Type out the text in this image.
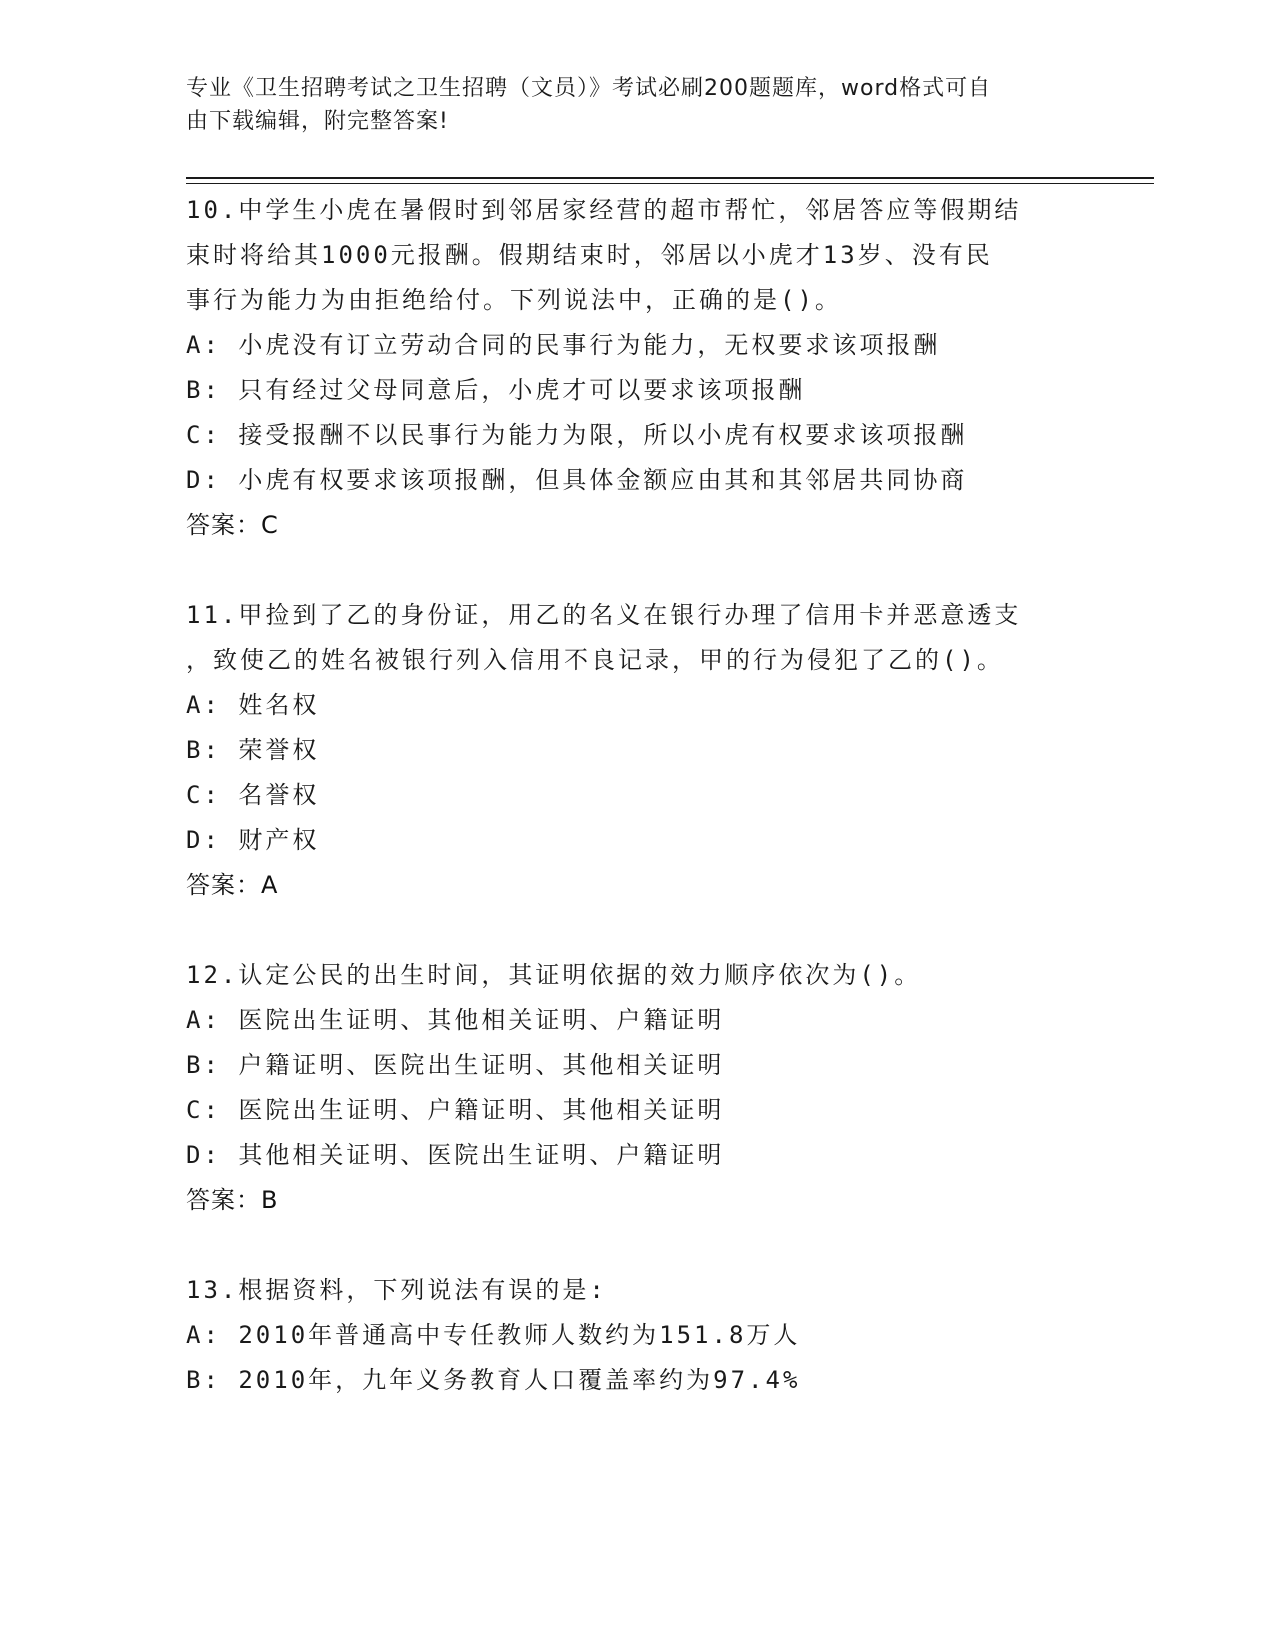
专业《卫生招聘考试之卫生招聘（文员）》考试必刷200题题库，word格式可自
由下载编辑，附完整答案!
10.中学生小虎在暑假时到邻居家经营的超市帮忙，邻居答应等假期结
束时将给其1000元报酬。假期结束时，邻居以小虎才13岁、没有民
事行为能力为由拒绝给付。下列说法中，正确的是()。
A: 小虎没有订立劳动合同的民事行为能力，无权要求该项报酬
B: 只有经过父母同意后，小虎才可以要求该项报酬
C: 接受报酬不以民事行为能力为限，所以小虎有权要求该项报酬
D: 小虎有权要求该项报酬，但具体金额应由其和其邻居共同协商
答案：C
11.甲捡到了乙的身份证，用乙的名义在银行办理了信用卡并恶意透支
，致使乙的姓名被银行列入信用不良记录，甲的行为侵犯了乙的()。
A: 姓名权
B: 荣誉权
C: 名誉权
D: 财产权
答案：A
12.认定公民的出生时间，其证明依据的效力顺序依次为()。
A: 医院出生证明、其他相关证明、户籍证明
B: 户籍证明、医院出生证明、其他相关证明
C: 医院出生证明、户籍证明、其他相关证明
D: 其他相关证明、医院出生证明、户籍证明
答案：B
13.根据资料，下列说法有误的是:
A: 2010年普通高中专任教师人数约为151.8万人
B: 2010年，九年义务教育人口覆盖率约为97.4%
